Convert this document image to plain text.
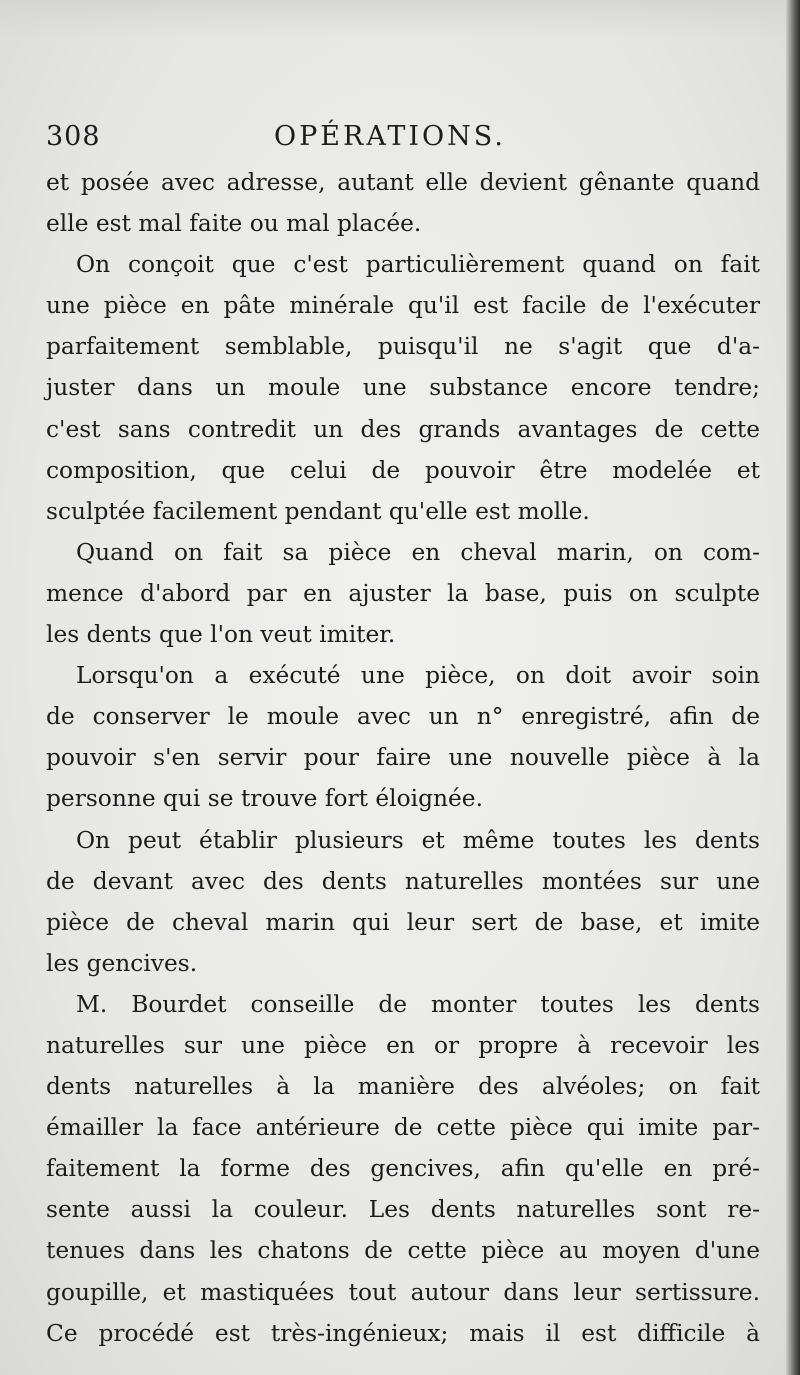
308	OPÉRATIONS.
et posée avec adresse, autant elle devient gênante quand
elle est mal faite ou mal placée.
On conçoit que c'est particulièrement quand on fait
une pièce en pâte minérale qu'il est facile de l'exécuter
parfaitement semblable, puisqu'il ne s'agit que d'a-
juster dans un moule une substance encore tendre;
c'est sans contredit un des grands avantages de cette
composition, que celui de pouvoir être modelée et
sculptée facilement pendant qu'elle est molle.
Quand on fait sa pièce en cheval marin, on com-
mence d'abord par en ajuster la base, puis on sculpte
les dents que l'on veut imiter.
Lorsqu'on a exécuté une pièce, on doit avoir soin
de conserver le moule avec un n° enregistré, afin de
pouvoir s'en servir pour faire une nouvelle pièce à la
personne qui se trouve fort éloignée.
On peut établir plusieurs et même toutes les dents
de devant avec des dents naturelles montées sur une
pièce de cheval marin qui leur sert de base, et imite
les gencives.
M. Bourdet conseille de monter toutes les dents
naturelles sur une pièce en or propre à recevoir les
dents naturelles à la manière des alvéoles; on fait
émailler la face antérieure de cette pièce qui imite par-
faitement la forme des gencives, afin qu'elle en pré-
sente aussi la couleur. Les dents naturelles sont re-
tenues dans les chatons de cette pièce au moyen d'une
goupille, et mastiquées tout autour dans leur sertissure.
Ce procédé est très-ingénieux; mais il est difficile à
